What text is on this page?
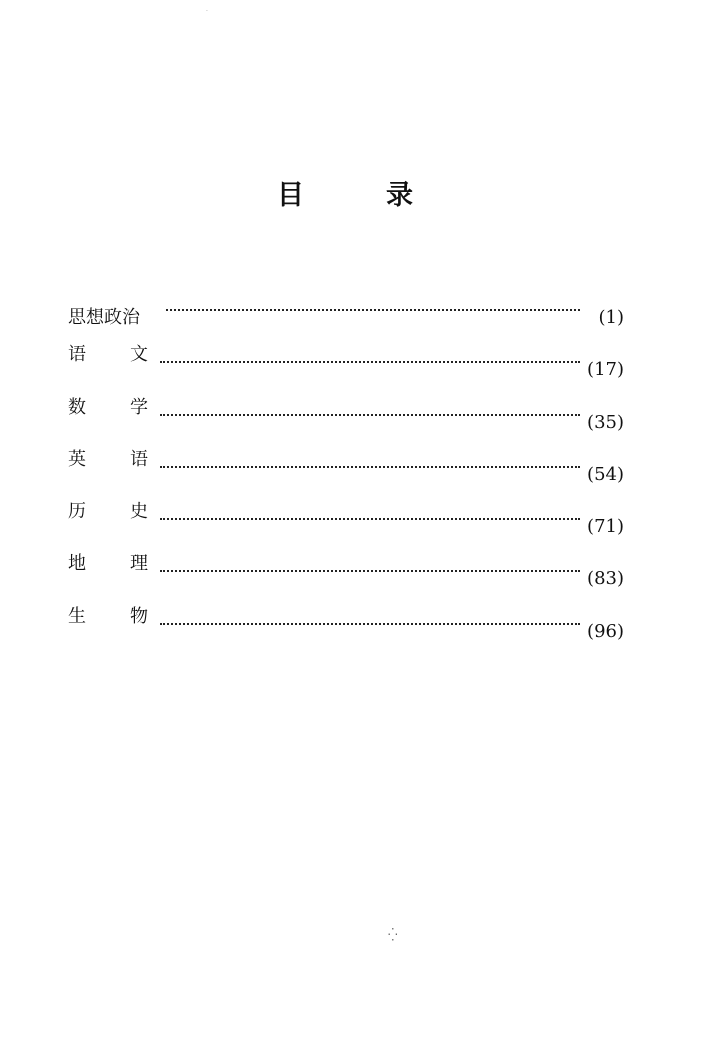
目	录
思想政治	(1)
语 文
(17)
数 学
(35)
英 语
(54)
历 史
(71)
地 理
(83)
生 物
(96)
·
⁛
